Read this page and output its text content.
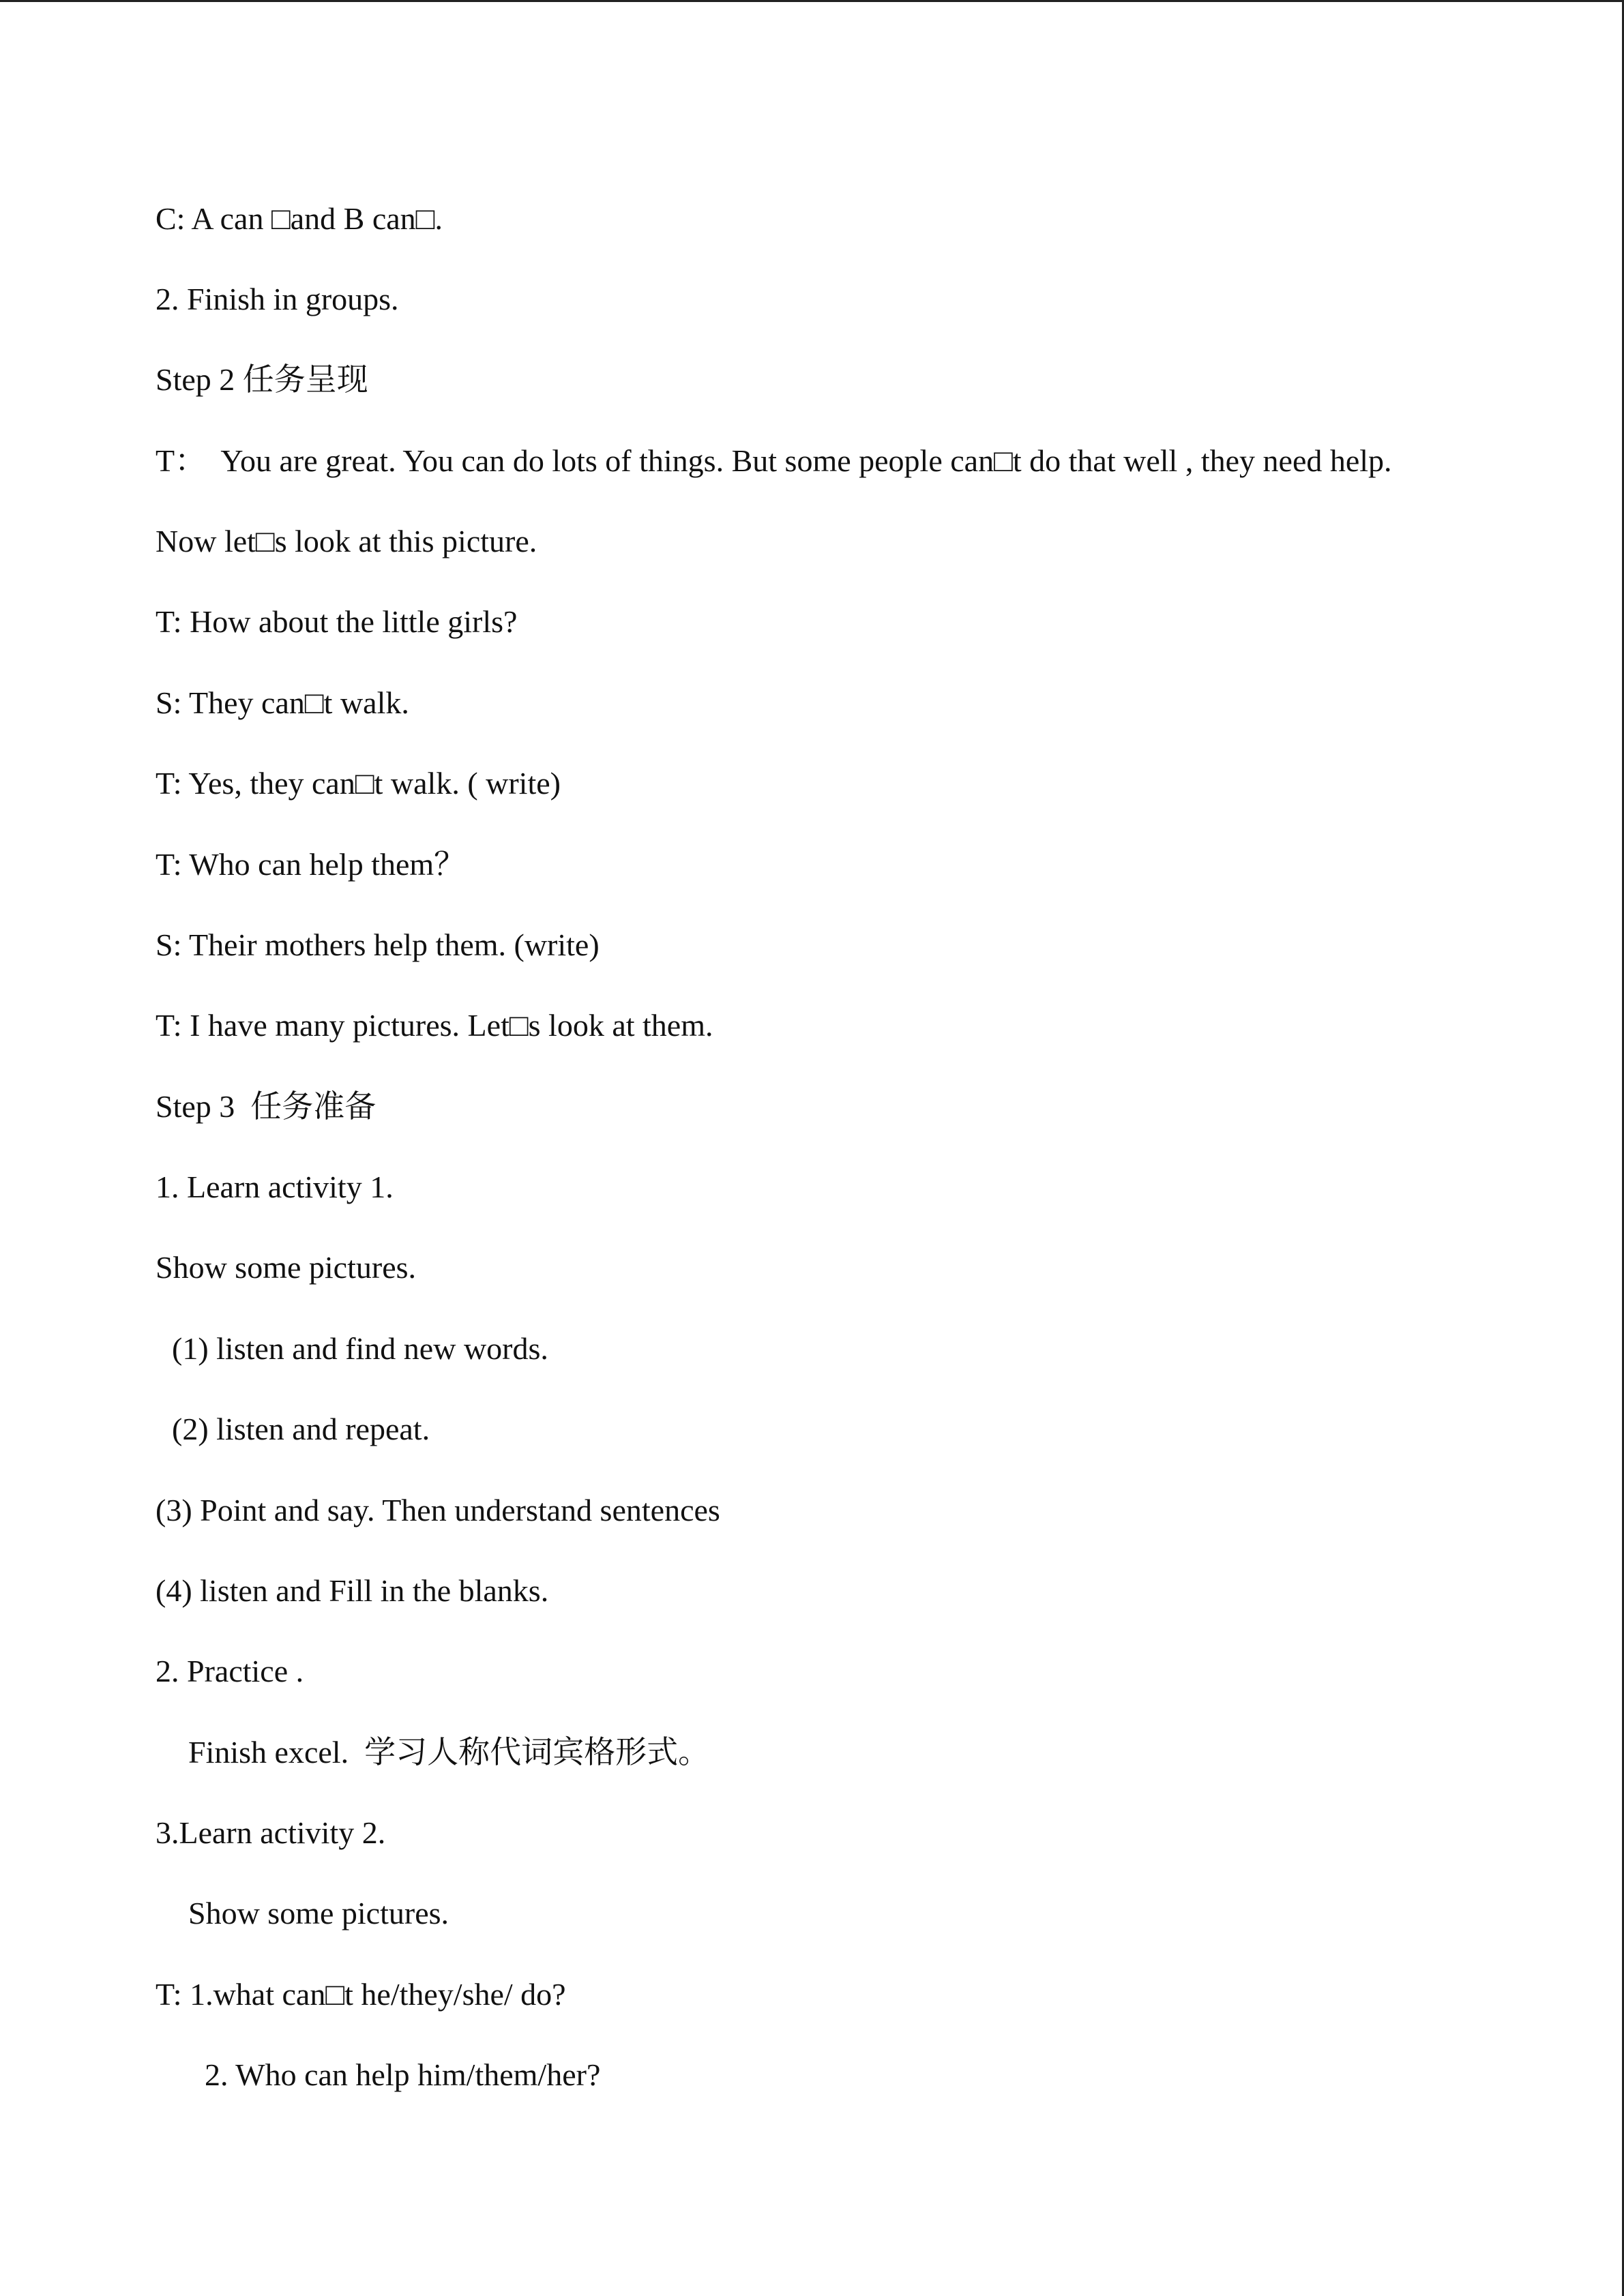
C: A can □and B can□.

2. Finish in groups.

Step 2 任务呈现

T：  You are great. You can do lots of things. But some people can□t do that well , they need help.

Now let□s look at this picture.

T: How about the little girls?

S: They can□t walk.

T: Yes, they can□t walk. ( write)

T: Who can help them？

S: Their mothers help them. (write)

T: I have many pictures. Let□s look at them.

Step 3  任务准备

1. Learn activity 1.

Show some pictures.

(1) listen and find new words.

(2) listen and repeat.

(3) Point and say. Then understand sentences

(4) listen and Fill in the blanks.

2. Practice .

Finish excel.  学习人称代词宾格形式。

3.Learn activity 2.

Show some pictures.

T: 1.what can□t he/they/she/ do?

2. Who can help him/them/her?
